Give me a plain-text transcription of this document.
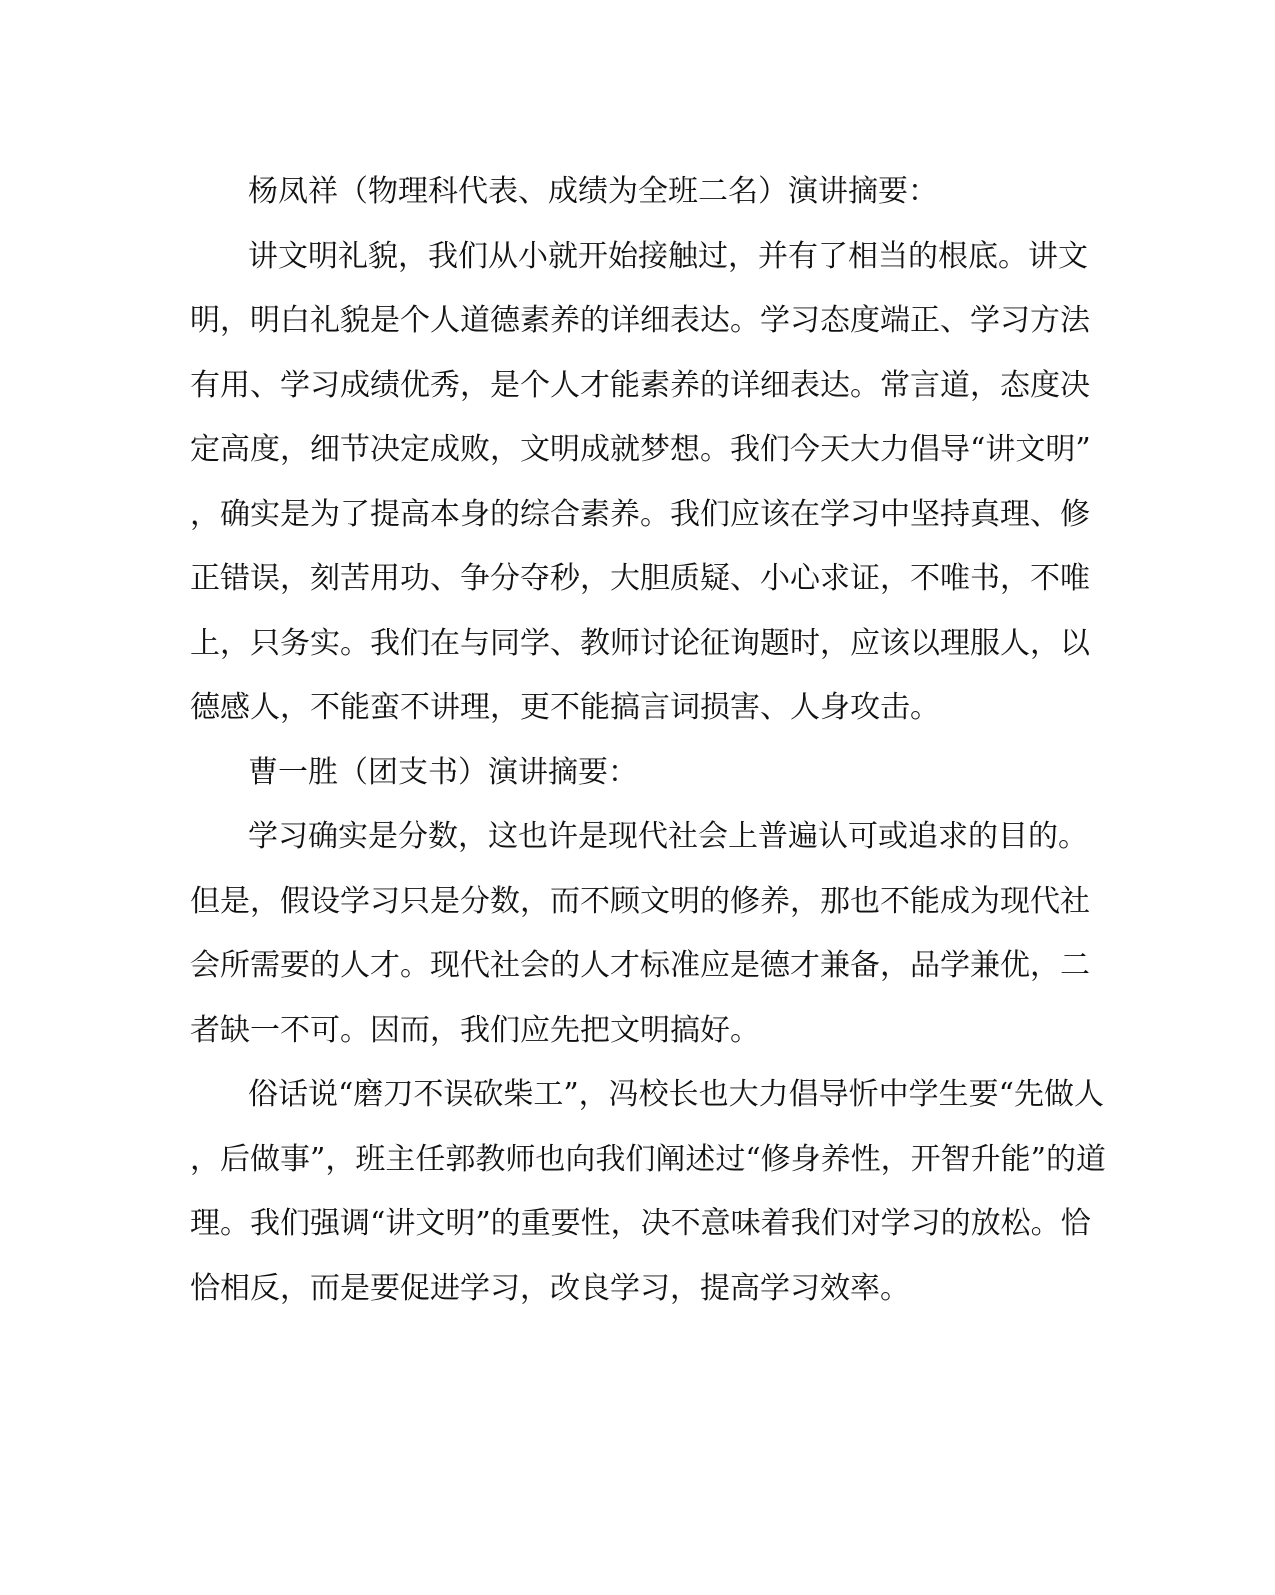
杨凤祥（物理科代表、成绩为全班二名）演讲摘要：
讲文明礼貌，我们从小就开始接触过，并有了相当的根底。讲文
明，明白礼貌是个人道德素养的详细表达。学习态度端正、学习方法
有用、学习成绩优秀，是个人才能素养的详细表达。常言道，态度决
定高度，细节决定成败，文明成就梦想。我们今天大力倡导“讲文明”
，确实是为了提高本身的综合素养。我们应该在学习中坚持真理、修
正错误，刻苦用功、争分夺秒，大胆质疑、小心求证，不唯书，不唯
上，只务实。我们在与同学、教师讨论征询题时，应该以理服人，以
德感人，不能蛮不讲理，更不能搞言词损害、人身攻击。
曹一胜（团支书）演讲摘要：
学习确实是分数，这也许是现代社会上普遍认可或追求的目的。
但是，假设学习只是分数，而不顾文明的修养，那也不能成为现代社
会所需要的人才。现代社会的人才标准应是德才兼备，品学兼优，二
者缺一不可。因而，我们应先把文明搞好。
俗话说“磨刀不误砍柴工”，冯校长也大力倡导忻中学生要“先做人
，后做事”，班主任郭教师也向我们阐述过“修身养性，开智升能”的道
理。我们强调“讲文明”的重要性，决不意味着我们对学习的放松。恰
恰相反，而是要促进学习，改良学习，提高学习效率。
